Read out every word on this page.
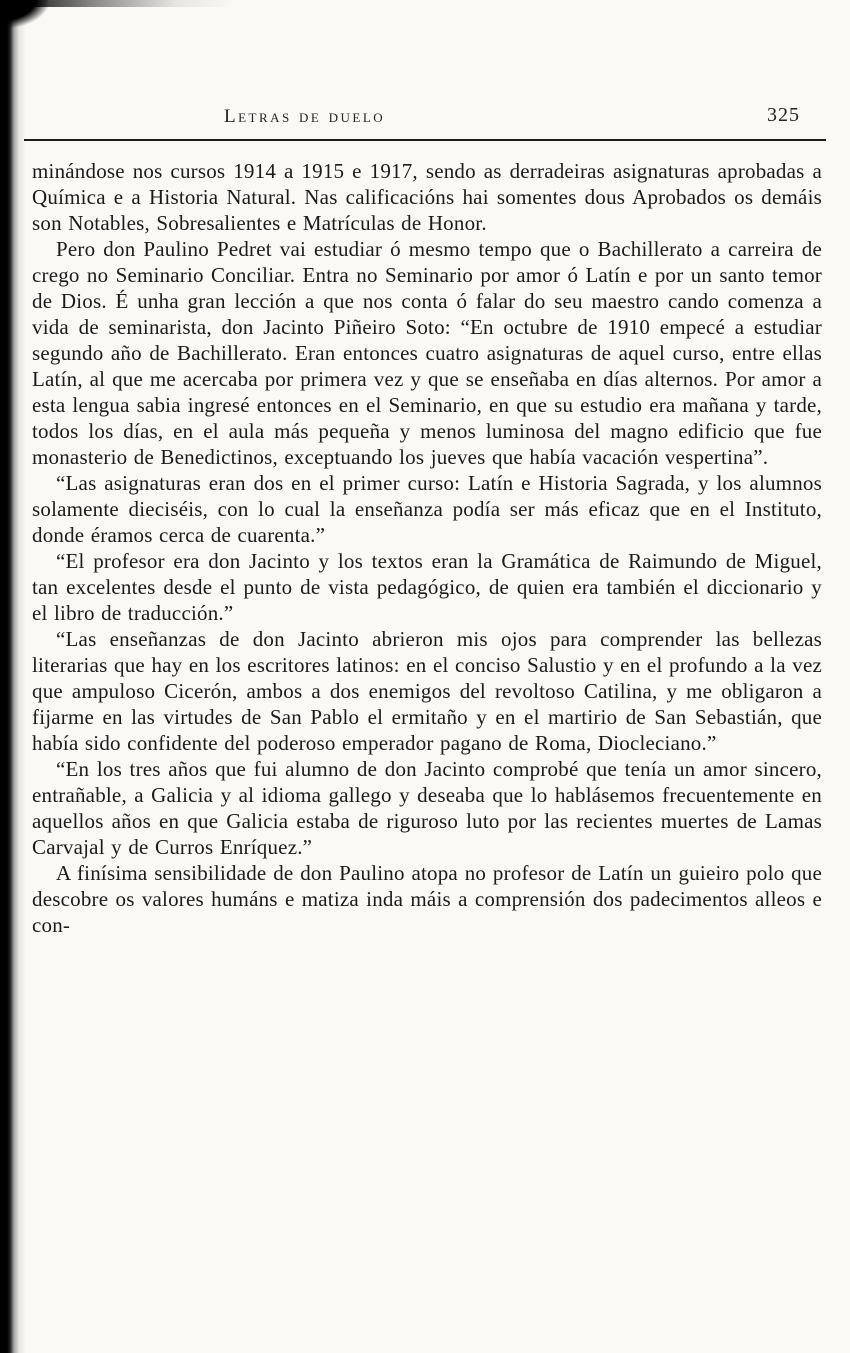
Letras de duelo	325

minándose nos cursos 1914 a 1915 e 1917, sendo as derradeiras asignaturas aprobadas a Química e a Historia Natural. Nas calificacións hai somentes dous Aprobados os demáis son Notables, Sobresalientes e Matrículas de Honor.

Pero don Paulino Pedret vai estudiar ó mesmo tempo que o Bachillerato a carreira de crego no Seminario Conciliar. Entra no Seminario por amor ó Latín e por un santo temor de Dios. É unha gran lección a que nos conta ó falar do seu maestro cando comenza a vida de seminarista, don Jacinto Piñeiro Soto: “En octubre de 1910 empecé a estudiar segundo año de Bachillerato. Eran entonces cuatro asignaturas de aquel curso, entre ellas Latín, al que me acercaba por primera vez y que se enseñaba en días alternos. Por amor a esta lengua sabia ingresé entonces en el Seminario, en que su estudio era mañana y tarde, todos los días, en el aula más pequeña y menos luminosa del magno edificio que fue monasterio de Benedictinos, exceptuando los jueves que había vacación vespertina”.

“Las asignaturas eran dos en el primer curso: Latín e Historia Sagrada, y los alumnos solamente dieciséis, con lo cual la enseñanza podía ser más eficaz que en el Instituto, donde éramos cerca de cuarenta.”

“El profesor era don Jacinto y los textos eran la Gramática de Raimundo de Miguel, tan excelentes desde el punto de vista pedagógico, de quien era también el diccionario y el libro de traducción.”

“Las enseñanzas de don Jacinto abrieron mis ojos para comprender las bellezas literarias que hay en los escritores latinos: en el conciso Salustio y en el profundo a la vez que ampuloso Cicerón, ambos a dos enemigos del revoltoso Catilina, y me obligaron a fijarme en las virtudes de San Pablo el ermitaño y en el martirio de San Sebastián, que había sido confidente del poderoso emperador pagano de Roma, Diocleciano.”

“En los tres años que fui alumno de don Jacinto comprobé que tenía un amor sincero, entrañable, a Galicia y al idioma gallego y deseaba que lo hablásemos frecuentemente en aquellos años en que Galicia estaba de riguroso luto por las recientes muertes de Lamas Carvajal y de Curros Enríquez.”

A finísima sensibilidade de don Paulino atopa no profesor de Latín un guieiro polo que descobre os valores humáns e matiza inda máis a comprensión dos padecimentos alleos e con-
